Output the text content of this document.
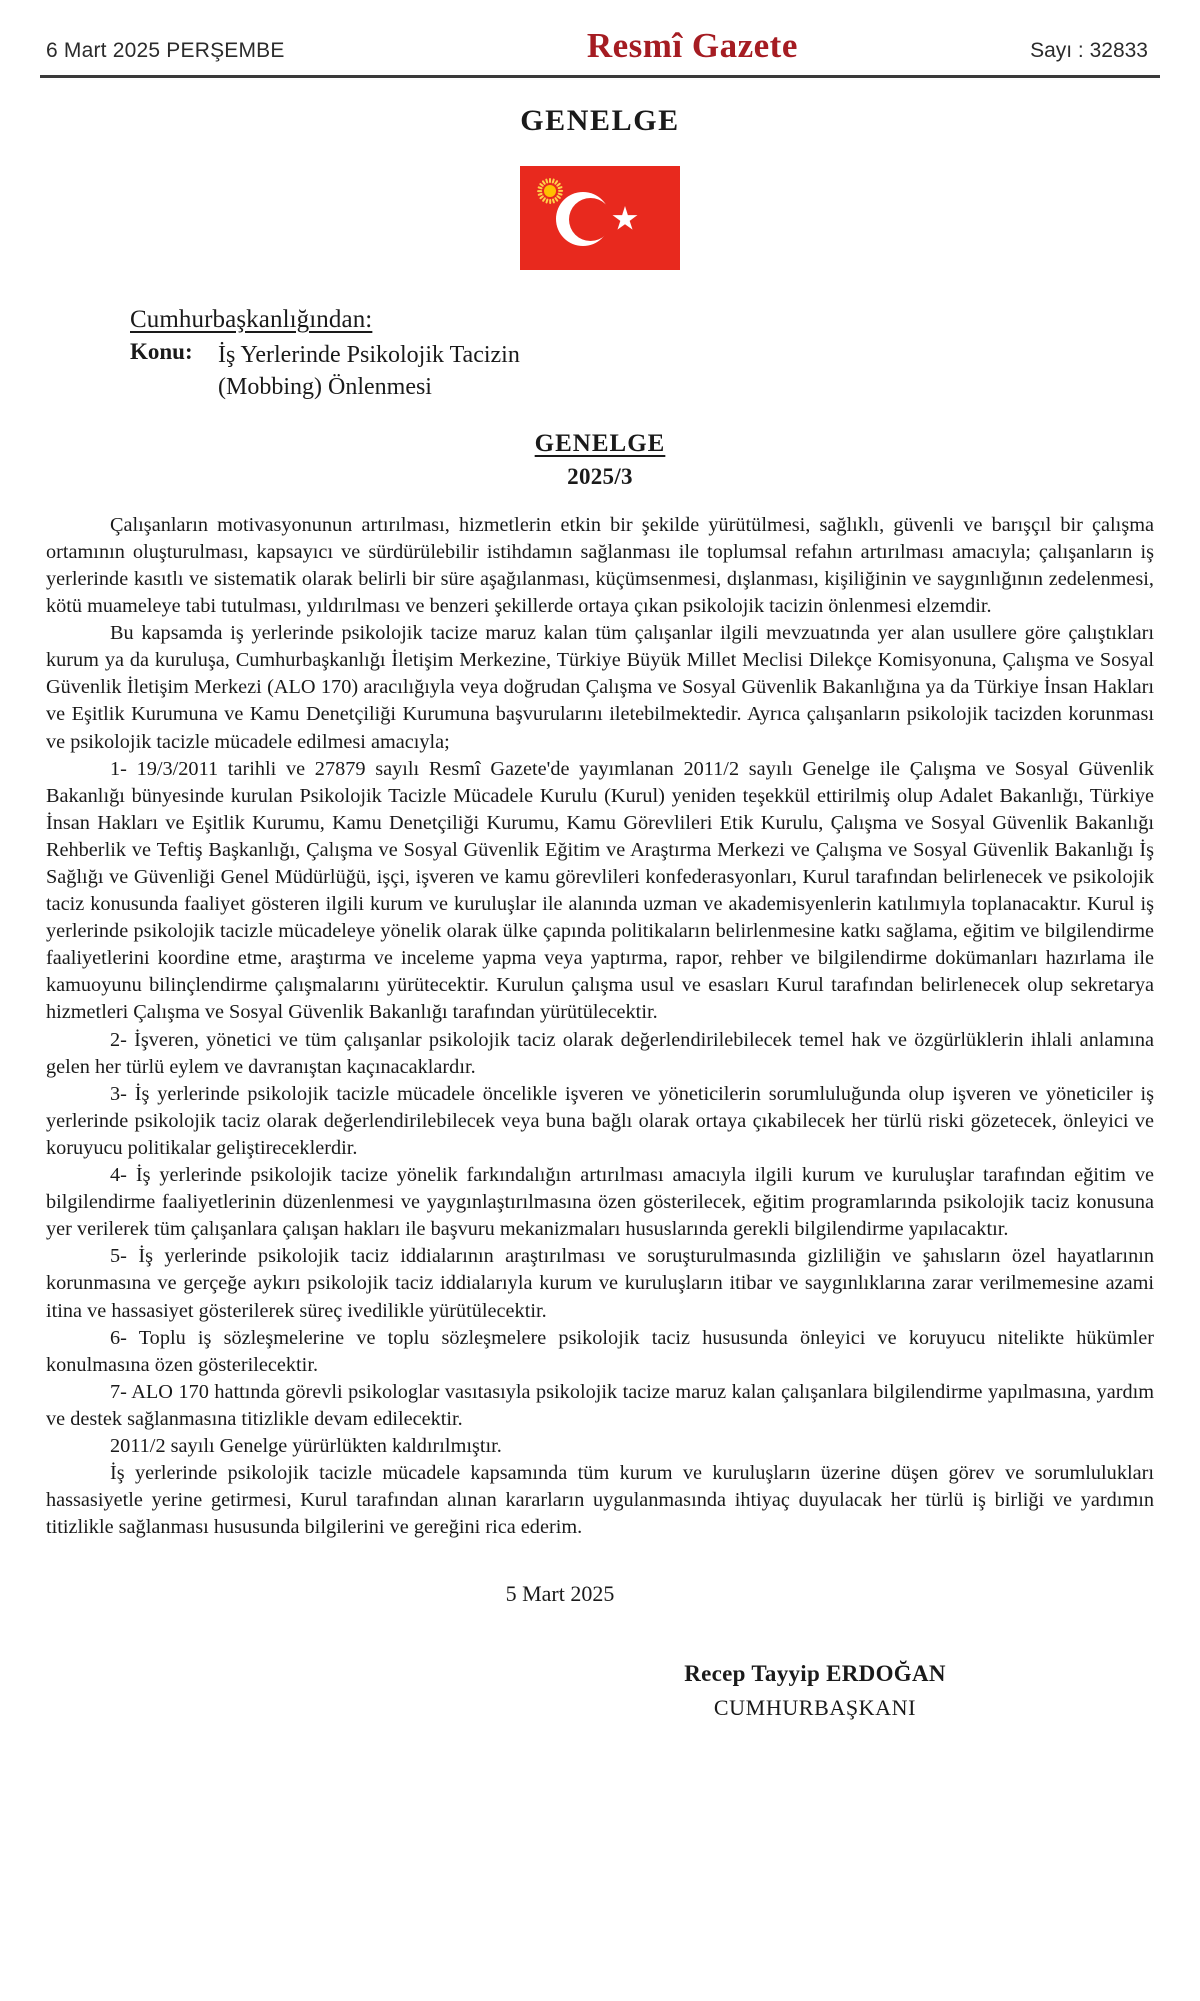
6 Mart 2025 PERŞEMBE	Resmî Gazete	Sayı : 32833
GENELGE
Cumhurbaşkanlığından:
Konu:	İş Yerlerinde Psikolojik Tacizin
(Mobbing) Önlenmesi
GENELGE
2025/3

Çalışanların motivasyonunun artırılması, hizmetlerin etkin bir şekilde yürütülmesi, sağlıklı, güvenli ve barışçıl bir çalışma ortamının oluşturulması, kapsayıcı ve sürdürülebilir istihdamın sağlanması ile toplumsal refahın artırılması amacıyla; çalışanların iş yerlerinde kasıtlı ve sistematik olarak belirli bir süre aşağılanması, küçümsenmesi, dışlanması, kişiliğinin ve saygınlığının zedelenmesi, kötü muameleye tabi tutulması, yıldırılması ve benzeri şekillerde ortaya çıkan psikolojik tacizin önlenmesi elzemdir.

Bu kapsamda iş yerlerinde psikolojik tacize maruz kalan tüm çalışanlar ilgili mevzuatında yer alan usullere göre çalıştıkları kurum ya da kuruluşa, Cumhurbaşkanlığı İletişim Merkezine, Türkiye Büyük Millet Meclisi Dilekçe Komisyonuna, Çalışma ve Sosyal Güvenlik İletişim Merkezi (ALO 170) aracılığıyla veya doğrudan Çalışma ve Sosyal Güvenlik Bakanlığına ya da Türkiye İnsan Hakları ve Eşitlik Kurumuna ve Kamu Denetçiliği Kurumuna başvurularını iletebilmektedir. Ayrıca çalışanların psikolojik tacizden korunması ve psikolojik tacizle mücadele edilmesi amacıyla;

1- 19/3/2011 tarihli ve 27879 sayılı Resmî Gazete'de yayımlanan 2011/2 sayılı Genelge ile Çalışma ve Sosyal Güvenlik Bakanlığı bünyesinde kurulan Psikolojik Tacizle Mücadele Kurulu (Kurul) yeniden teşekkül ettirilmiş olup Adalet Bakanlığı, Türkiye İnsan Hakları ve Eşitlik Kurumu, Kamu Denetçiliği Kurumu, Kamu Görevlileri Etik Kurulu, Çalışma ve Sosyal Güvenlik Bakanlığı Rehberlik ve Teftiş Başkanlığı, Çalışma ve Sosyal Güvenlik Eğitim ve Araştırma Merkezi ve Çalışma ve Sosyal Güvenlik Bakanlığı İş Sağlığı ve Güvenliği Genel Müdürlüğü, işçi, işveren ve kamu görevlileri konfederasyonları, Kurul tarafından belirlenecek ve psikolojik taciz konusunda faaliyet gösteren ilgili kurum ve kuruluşlar ile alanında uzman ve akademisyenlerin katılımıyla toplanacaktır. Kurul iş yerlerinde psikolojik tacizle mücadeleye yönelik olarak ülke çapında politikaların belirlenmesine katkı sağlama, eğitim ve bilgilendirme faaliyetlerini koordine etme, araştırma ve inceleme yapma veya yaptırma, rapor, rehber ve bilgilendirme dokümanları hazırlama ile kamuoyunu bilinçlendirme çalışmalarını yürütecektir. Kurulun çalışma usul ve esasları Kurul tarafından belirlenecek olup sekretarya hizmetleri Çalışma ve Sosyal Güvenlik Bakanlığı tarafından yürütülecektir.

2- İşveren, yönetici ve tüm çalışanlar psikolojik taciz olarak değerlendirilebilecek temel hak ve özgürlüklerin ihlali anlamına gelen her türlü eylem ve davranıştan kaçınacaklardır.

3- İş yerlerinde psikolojik tacizle mücadele öncelikle işveren ve yöneticilerin sorumluluğunda olup işveren ve yöneticiler iş yerlerinde psikolojik taciz olarak değerlendirilebilecek veya buna bağlı olarak ortaya çıkabilecek her türlü riski gözetecek, önleyici ve koruyucu politikalar geliştireceklerdir.

4- İş yerlerinde psikolojik tacize yönelik farkındalığın artırılması amacıyla ilgili kurum ve kuruluşlar tarafından eğitim ve bilgilendirme faaliyetlerinin düzenlenmesi ve yaygınlaştırılmasına özen gösterilecek, eğitim programlarında psikolojik taciz konusuna yer verilerek tüm çalışanlara çalışan hakları ile başvuru mekanizmaları hususlarında gerekli bilgilendirme yapılacaktır.

5- İş yerlerinde psikolojik taciz iddialarının araştırılması ve soruşturulmasında gizliliğin ve şahısların özel hayatlarının korunmasına ve gerçeğe aykırı psikolojik taciz iddialarıyla kurum ve kuruluşların itibar ve saygınlıklarına zarar verilmemesine azami itina ve hassasiyet gösterilerek süreç ivedilikle yürütülecektir.

6- Toplu iş sözleşmelerine ve toplu sözleşmelere psikolojik taciz hususunda önleyici ve koruyucu nitelikte hükümler konulmasına özen gösterilecektir.

7- ALO 170 hattında görevli psikologlar vasıtasıyla psikolojik tacize maruz kalan çalışanlara bilgilendirme yapılmasına, yardım ve destek sağlanmasına titizlikle devam edilecektir.

2011/2 sayılı Genelge yürürlükten kaldırılmıştır.

İş yerlerinde psikolojik tacizle mücadele kapsamında tüm kurum ve kuruluşların üzerine düşen görev ve sorumlulukları hassasiyetle yerine getirmesi, Kurul tarafından alınan kararların uygulanmasında ihtiyaç duyulacak her türlü iş birliği ve yardımın titizlikle sağlanması hususunda bilgilerini ve gereğini rica ederim.

5 Mart 2025
Recep Tayyip ERDOĞAN
CUMHURBAŞKANI
